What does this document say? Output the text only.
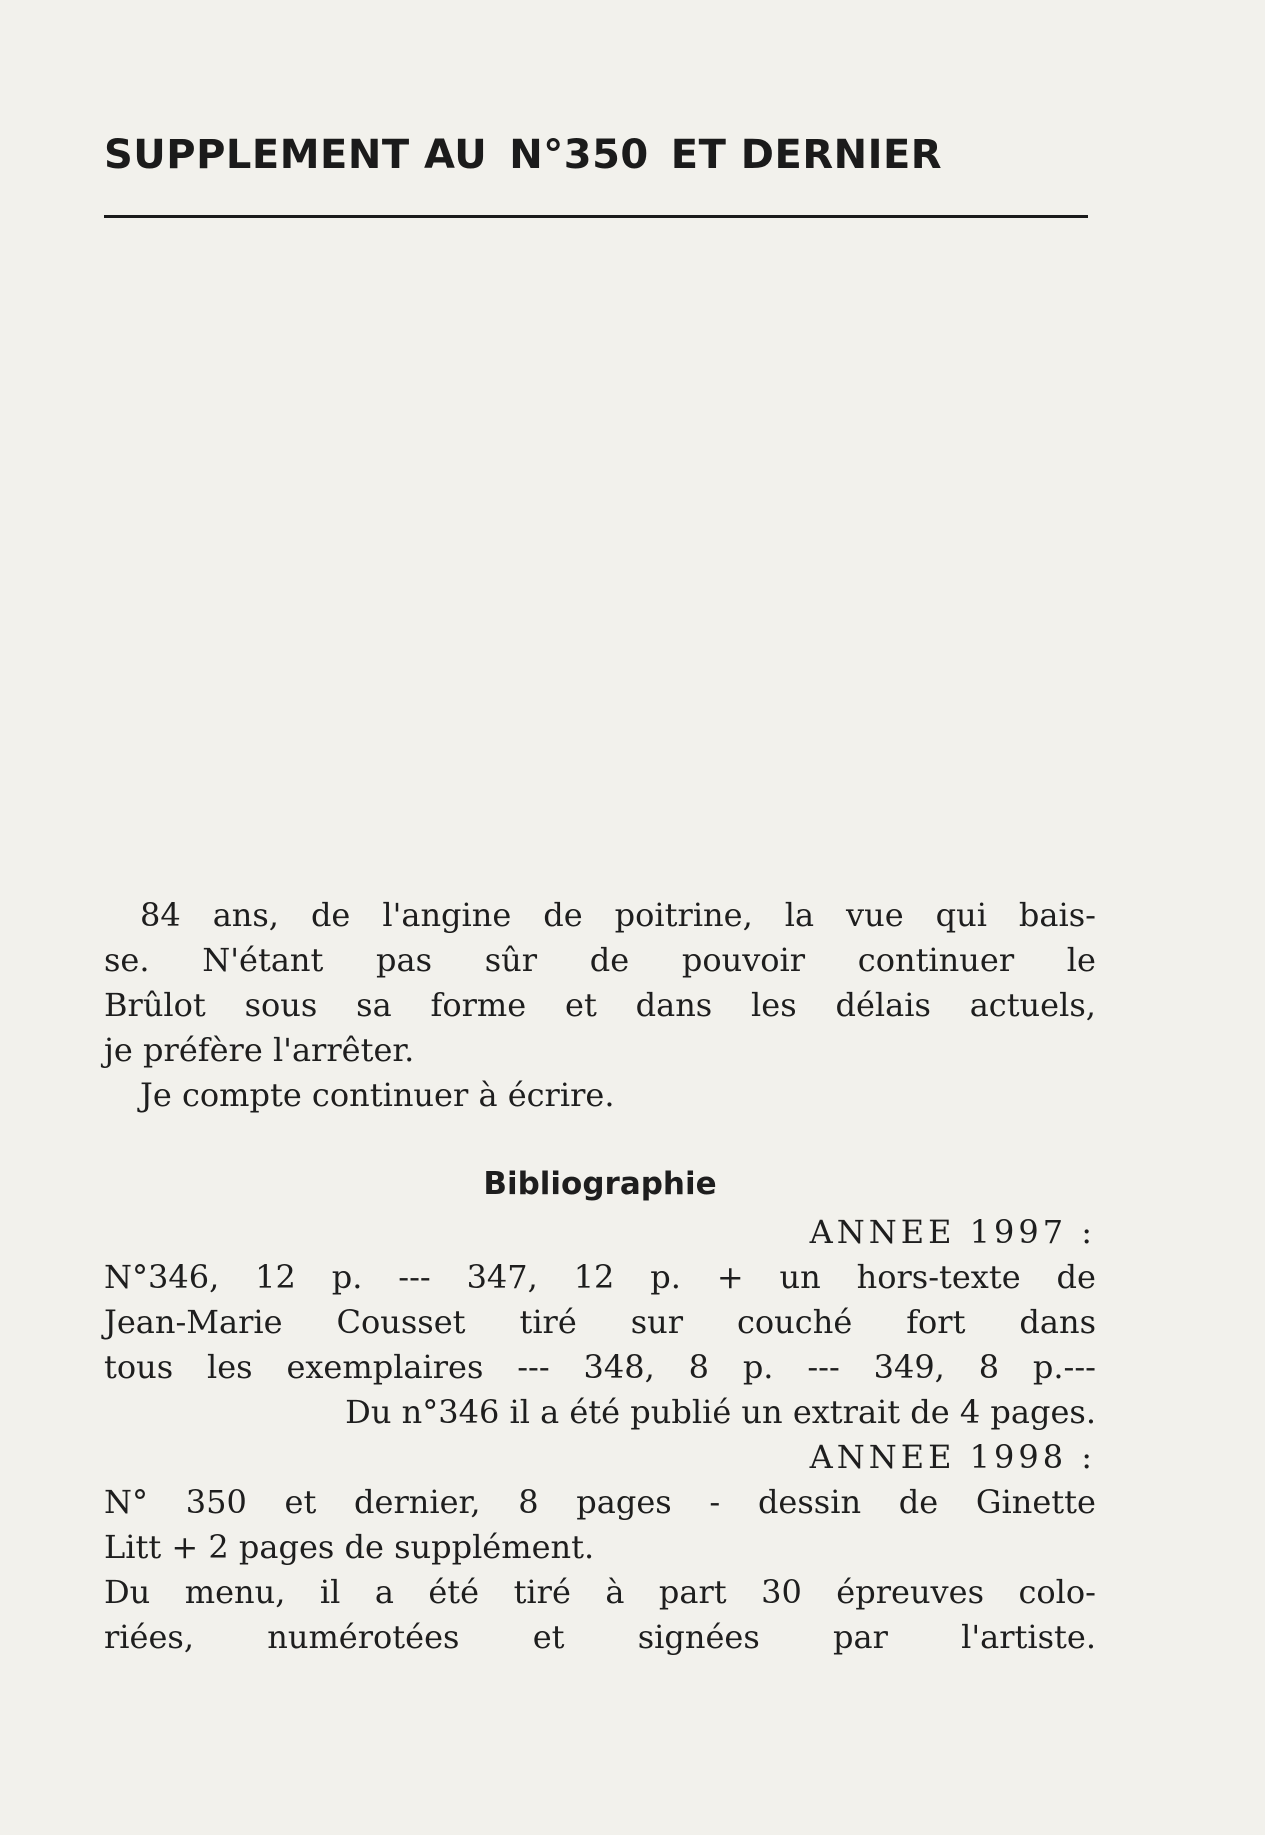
SUPPLEMENT AU N°350 ET DERNIER
84 ans, de l'angine de poitrine, la vue qui bais-
se. N'étant pas sûr de pouvoir continuer le
Brûlot sous sa forme et dans les délais actuels,
je préfère l'arrêter.
Je compte continuer à écrire.
Bibliographie
ANNEE 1997 :
N°346, 12 p. --- 347, 12 p. + un hors-texte de
Jean-Marie Cousset tiré sur couché fort dans
tous les exemplaires --- 348, 8 p. --- 349, 8 p.---
Du n°346 il a été publié un extrait de 4 pages.
ANNEE 1998 :
N° 350 et dernier, 8 pages - dessin de Ginette
Litt + 2 pages de supplément.
Du menu, il a été tiré à part 30 épreuves colo-
riées, numérotées et signées par l'artiste.
